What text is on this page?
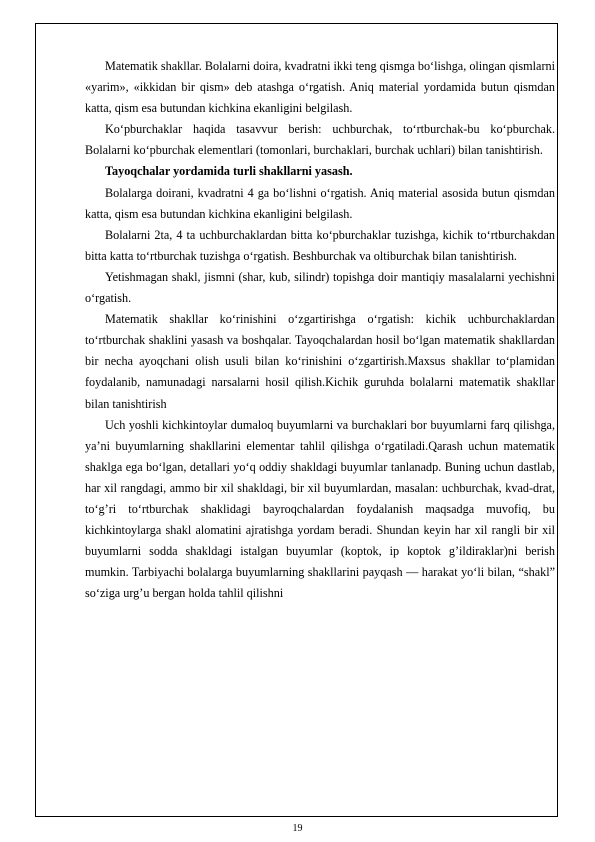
Matematik shakllar. Bolalarni doira, kvadratni ikki teng qismga bo‘lishga, olingan qismlarni «yarim», «ikkidan bir qism» deb atashga o‘rgatish. Aniq material yordamida butun qismdan katta, qism esa butundan kichkina ekanligini belgilash.

Ko‘pburchaklar haqida tasavvur berish: uchburchak, to‘rtburchak-bu ko‘pburchak. Bolalarni ko‘pburchak elementlari (tomonlari, burchaklari, burchak uchlari) bilan tanishtirish.

Tayoqchalar yordamida turli shakllarni yasash.

Bolalarga doirani, kvadratni 4 ga bo‘lishni o‘rgatish. Aniq material asosida butun qismdan katta, qism esa butundan kichkina ekanligini belgilash.

Bolalarni 2ta, 4 ta uchburchaklardan bitta ko‘pburchaklar tuzishga, kichik to‘rtburchakdan bitta katta to‘rtburchak tuzishga o‘rgatish. Beshburchak va oltiburchak bilan tanishtirish.

Yetishmagan shakl, jismni (shar, kub, silindr) topishga doir mantiqiy masalalarni yechishni o‘rgatish.

Matematik shakllar ko‘rinishini o‘zgartirishga o‘rgatish: kichik uchburchaklardan to‘rtburchak shaklini yasash va boshqalar. Tayoqchalardan hosil bo‘lgan matematik shakllardan bir necha ayoqchani olish usuli bilan ko‘rinishini o‘zgartirish.Maxsus shakllar to‘plamidan foydalanib, namunadagi narsalarni hosil qilish.Kichik guruhda bolalarni matematik shakllar bilan tanishtirish

Uch yoshli kichkintoylar dumaloq buyumlarni va burchaklari bor buyumlarni farq qilishga, ya’ni buyumlarning shakllarini elementar tahlil qilishga o‘rgatiladi.Qarash uchun matematik shaklga ega bo‘lgan, detallari yo‘q oddiy shakldagi buyumlar tanlanadp. Buning uchun dastlab, har xil rangdagi, ammo bir xil shakldagi, bir xil buyumlardan, masalan: uchburchak, kvad-drat, to‘g’ri to‘rtburchak shaklidagi bayroqchalardan foydalanish maqsadga muvofiq, bu kichkintoylarga shakl alomatini ajratishga yordam beradi. Shundan keyin har xil rangli bir xil buyumlarni sodda shakldagi istalgan buyumlar (koptok, ip koptok g’ildiraklar)ni berish mumkin. Tarbiyachi bolalarga buyumlarning shakllarini payqash — harakat yo‘li bilan, “shakl” so‘ziga urg’u bergan holda tahlil qilishni

19
